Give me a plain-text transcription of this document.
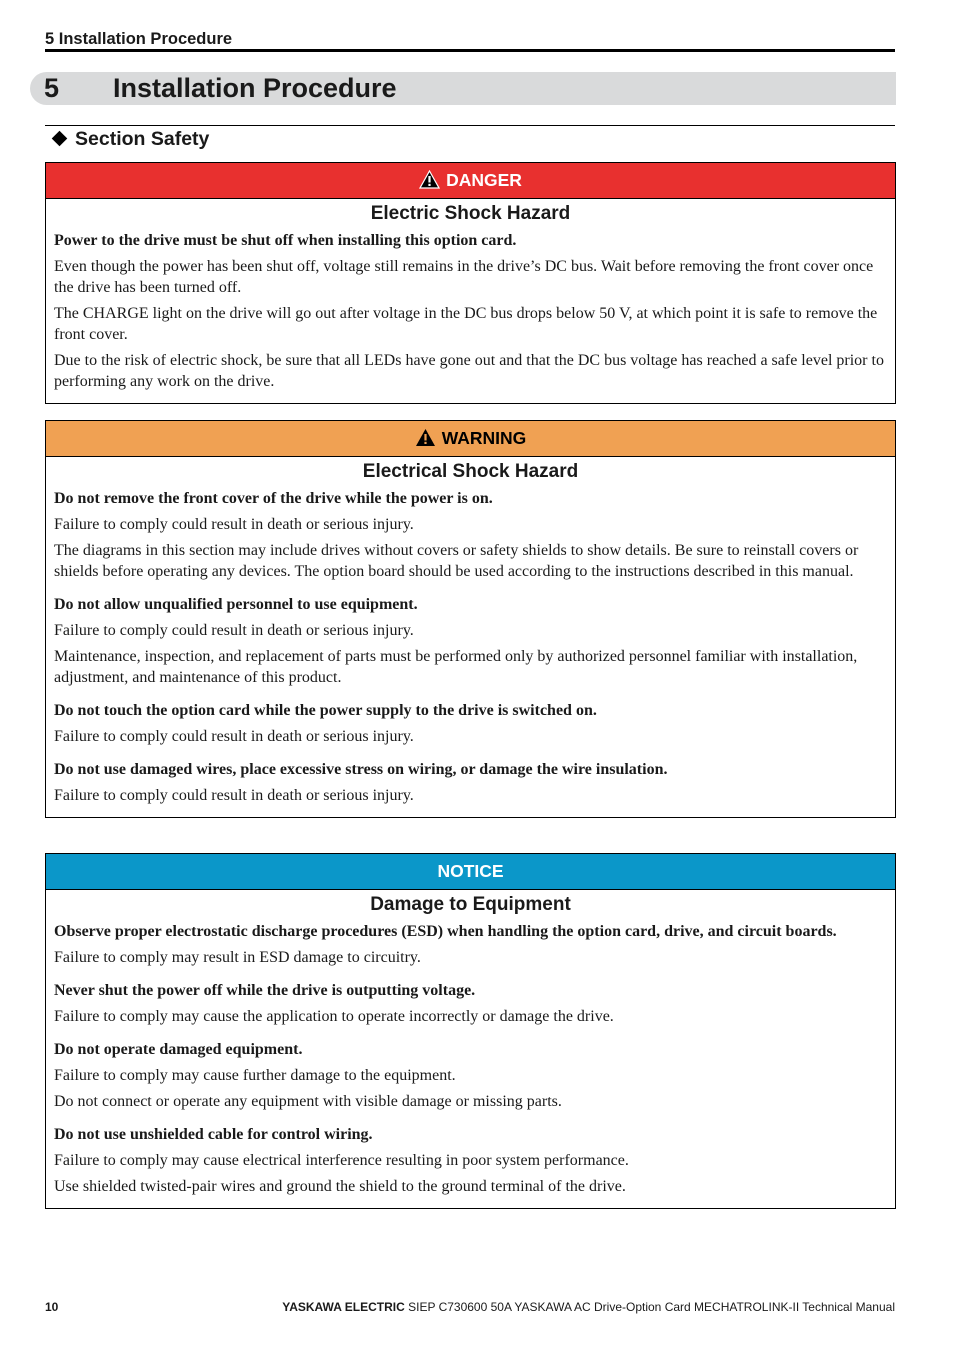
5 Installation Procedure
5 Installation Procedure
Section Safety
DANGER
Electric Shock Hazard

Power to the drive must be shut off when installing this option card.

Even though the power has been shut off, voltage still remains in the drive’s DC bus. Wait before removing the front cover once the drive has been turned off.

The CHARGE light on the drive will go out after voltage in the DC bus drops below 50 V, at which point it is safe to remove the front cover.

Due to the risk of electric shock, be sure that all LEDs have gone out and that the DC bus voltage has reached a safe level prior to performing any work on the drive.

WARNING
Electrical Shock Hazard

Do not remove the front cover of the drive while the power is on.

Failure to comply could result in death or serious injury.

The diagrams in this section may include drives without covers or safety shields to show details. Be sure to reinstall covers or shields before operating any devices. The option board should be used according to the instructions described in this manual.

Do not allow unqualified personnel to use equipment.

Failure to comply could result in death or serious injury.

Maintenance, inspection, and replacement of parts must be performed only by authorized personnel familiar with installation, adjustment, and maintenance of this product.

Do not touch the option card while the power supply to the drive is switched on.

Failure to comply could result in death or serious injury.

Do not use damaged wires, place excessive stress on wiring, or damage the wire insulation.

Failure to comply could result in death or serious injury.

NOTICE
Damage to Equipment

Observe proper electrostatic discharge procedures (ESD) when handling the option card, drive, and circuit boards.

Failure to comply may result in ESD damage to circuitry.

Never shut the power off while the drive is outputting voltage.

Failure to comply may cause the application to operate incorrectly or damage the drive.

Do not operate damaged equipment.

Failure to comply may cause further damage to the equipment.

Do not connect or operate any equipment with visible damage or missing parts.

Do not use unshielded cable for control wiring.

Failure to comply may cause electrical interference resulting in poor system performance.

Use shielded twisted-pair wires and ground the shield to the ground terminal of the drive.

10	YASKAWA ELECTRIC SIEP C730600 50A YASKAWA AC Drive-Option Card MECHATROLINK-II Technical Manual
